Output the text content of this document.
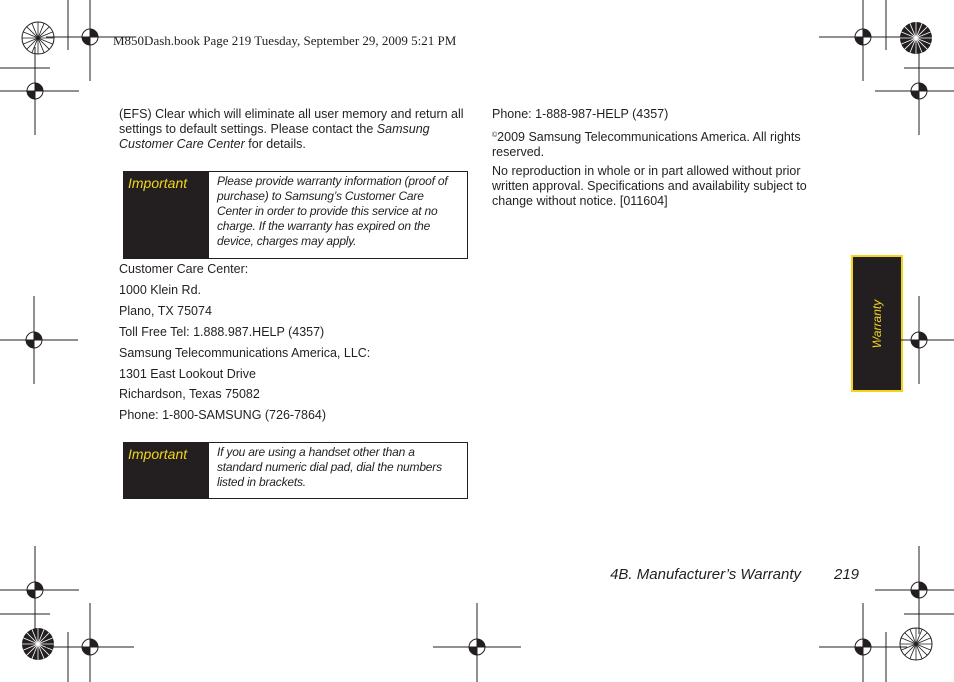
M850Dash.book Page 219 Tuesday, September 29, 2009 5:21 PM
(EFS) Clear which will eliminate all user memory and return all settings to default settings. Please contact the Samsung Customer Care Center for details.
Important	Please provide warranty information (proof of purchase) to Samsung’s Customer Care Center in order to provide this service at no charge. If the warranty has expired on the device, charges may apply.
Customer Care Center:
1000 Klein Rd.
Plano, TX 75074
Toll Free Tel: 1.888.987.HELP (4357)
Samsung Telecommunications America, LLC:
1301 East Lookout Drive
Richardson, Texas 75082
Phone: 1-800-SAMSUNG (726-7864)
Important	If you are using a handset other than a standard numeric dial pad, dial the numbers listed in brackets.
Phone: 1-888-987-HELP (4357)
©2009 Samsung Telecommunications America. All rights reserved.
No reproduction in whole or in part allowed without prior written approval. Specifications and availability subject to change without notice. [011604]
Warranty
4B. Manufacturer’s Warranty 219
